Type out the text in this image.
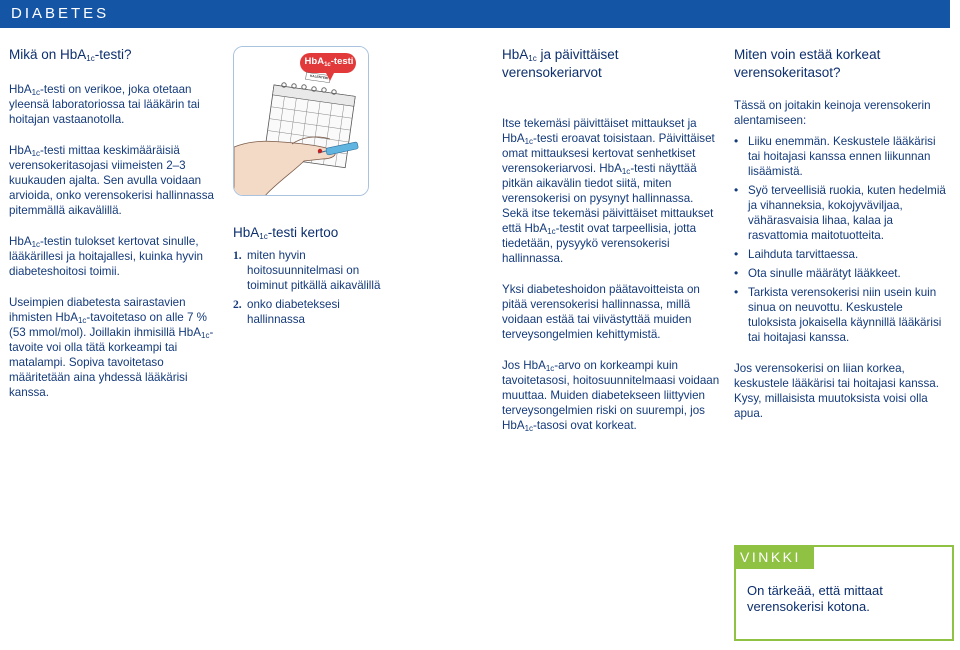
DIABETES
Mikä on HbA$_{1c}$-testi?

HbA$_{1c}$-testi on verikoe, joka otetaan yleensä laboratoriossa tai lääkärin tai hoitajan vastaanotolla.

HbA$_{1c}$-testi mittaa keskimääräisiä verensokeritasojasi viimeisten 2–3 kuukauden ajalta. Sen avulla voidaan arvioida, onko verensokerisi hallinnassa pitemmällä aikavälillä.

HbA$_{1c}$-testin tulokset kertovat sinulle, lääkärillesi ja hoitajallesi, kuinka hyvin diabeteshoitosi toimii.

Useimpien diabetesta sairastavien ihmisten HbA$_{1c}$-tavoitetaso on alle 7 % (53 mmol/mol). Joillakin ihmisillä HbA$_{1c}$-tavoite voi olla tätä korkeampi tai matalampi. Sopiva tavoitetaso määritetään aina yhdessä lääkärisi kanssa.

HbA$_{1c}$-testi
KALENTERI
HbA$_{1c}$-testi kertoo
1. miten hyvin hoitosuunnitelmasi on toiminut pitkällä aikavälillä
2. onko diabeteksesi hallinnassa
HbA$_{1c}$ ja päivittäiset verensokeriarvot

Itse tekemäsi päivittäiset mittaukset ja HbA$_{1c}$-testi eroavat toisistaan. Päivittäiset omat mittauksesi kertovat senhetkiset verensokeriarvosi. HbA$_{1c}$-testi näyttää pitkän aikavälin tiedot siitä, miten verensokerisi on pysynyt hallinnassa. Sekä itse tekemäsi päivittäiset mittaukset että HbA$_{1c}$-testit ovat tarpeellisia, jotta tiedetään, pysyykö verensokerisi hallinnassa.

Yksi diabeteshoidon päätavoitteista on pitää verensokerisi hallinnassa, millä voidaan estää tai viivästyttää muiden terveysongelmien kehittymistä.

Jos HbA$_{1c}$-arvo on korkeampi kuin tavoitetasosi, hoitosuunnitelmaasi voidaan muuttaa. Muiden diabetekseen liittyvien terveysongelmien riski on suurempi, jos HbA$_{1c}$-tasosi ovat korkeat.

Miten voin estää korkeat verensokeritasot?

Tässä on joitakin keinoja verensokerin alentamiseen:

• Liiku enemmän. Keskustele lääkärisi tai hoitajasi kanssa ennen liikunnan lisäämistä.
• Syö terveellisiä ruokia, kuten hedelmiä ja vihanneksia, kokojyväviljaa, vähärasvaisia lihaa, kalaa ja rasvattomia maitotuotteita.
• Laihduta tarvittaessa.
• Ota sinulle määrätyt lääkkeet.
• Tarkista verensokerisi niin usein kuin sinua on neuvottu. Keskustele tuloksista jokaisella käynnillä lääkärisi tai hoitajasi kanssa.

Jos verensokerisi on liian korkea, keskustele lääkärisi tai hoitajasi kanssa. Kysy, millaisista muutoksista voisi olla apua.

VINKKI
On tärkeää, että mittaat verensokerisi kotona.
